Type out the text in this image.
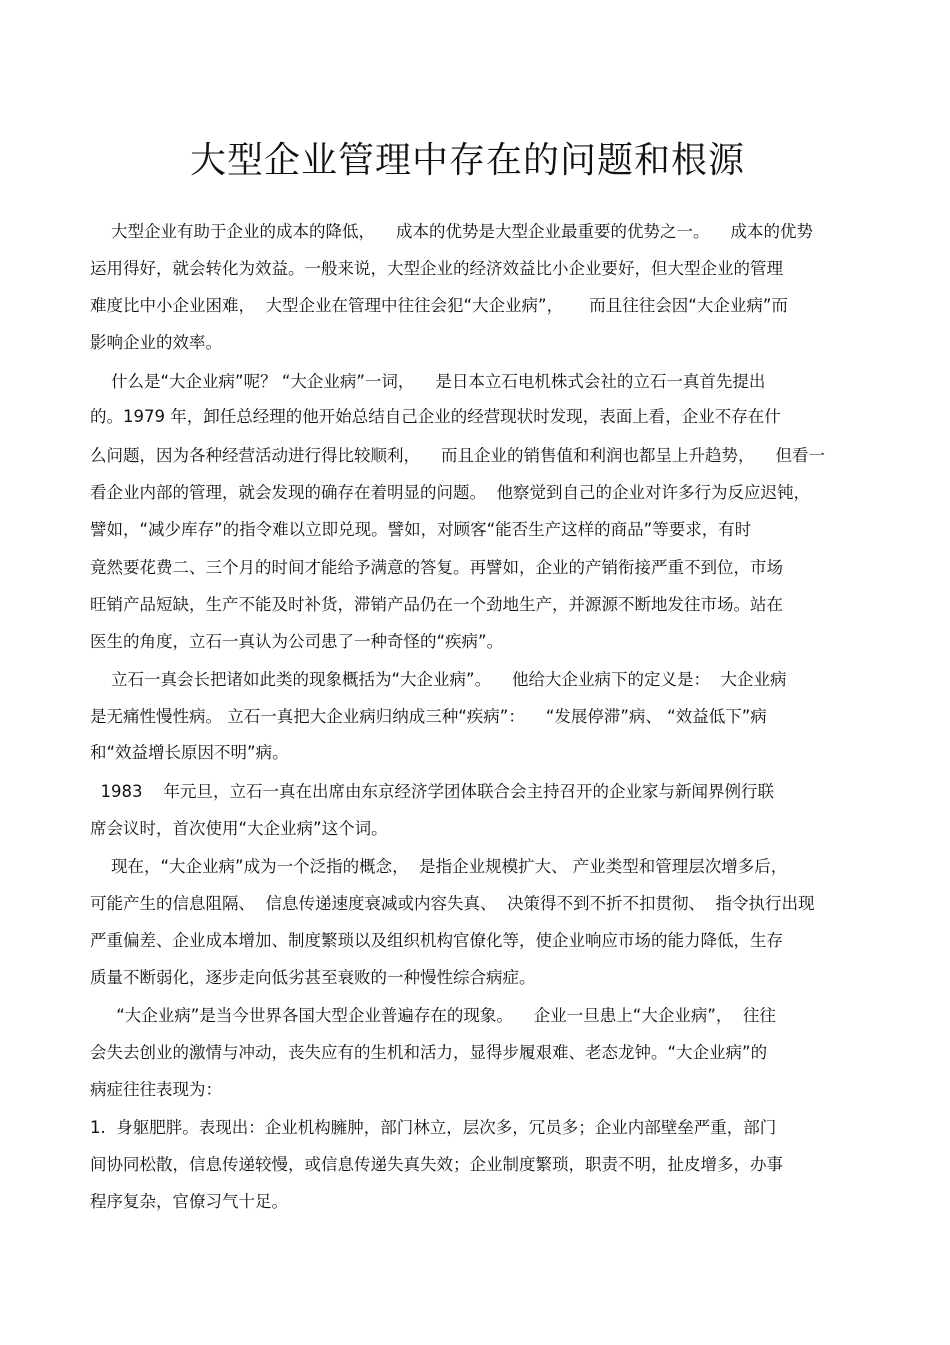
大型企业管理中存在的问题和根源

大型企业有助于企业的成本的降低，    成本的优势是大型企业最重要的优势之一。    成本的优势

运用得好，就会转化为效益。一般来说，大型企业的经济效益比小企业要好，但大型企业的管理

难度比中小企业困难，  大型企业在管理中往往会犯“大企业病”，     而且往往会因“大企业病”而

影响企业的效率。

什么是“大企业病”呢？ “大企业病”一词，    是日本立石电机株式会社的立石一真首先提出

的。1979 年，卸任总经理的他开始总结自己企业的经营现状时发现，表面上看，企业不存在什

么问题，因为各种经营活动进行得比较顺利，    而且企业的销售值和利润也都呈上升趋势，    但看一

看企业内部的管理，就会发现的确存在着明显的问题。  他察觉到自己的企业对许多行为反应迟钝，

譬如，“减少库存”的指令难以立即兑现。譬如，对顾客“能否生产这样的商品”等要求，有时

竟然要花费二、三个月的时间才能给予满意的答复。再譬如，企业的产销衔接严重不到位，市场

旺销产品短缺，生产不能及时补货，滞销产品仍在一个劲地生产，并源源不断地发往市场。站在

医生的角度，立石一真认为公司患了一种奇怪的“疾病”。

立石一真会长把诸如此类的现象概括为“大企业病”。    他给大企业病下的定义是：  大企业病

是无痛性慢性病。 立石一真把大企业病归纳成三种“疾病”：    “发展停滞”病、 “效益低下”病

和“效益增长原因不明”病。

1983    年元旦，立石一真在出席由东京经济学团体联合会主持召开的企业家与新闻界例行联

席会议时，首次使用“大企业病”这个词。

现在，“大企业病”成为一个泛指的概念，  是指企业规模扩大、 产业类型和管理层次增多后，

可能产生的信息阻隔、  信息传递速度衰减或内容失真、  决策得不到不折不扣贯彻、  指令执行出现

严重偏差、企业成本增加、制度繁琐以及组织机构官僚化等，使企业响应市场的能力降低，生存

质量不断弱化，逐步走向低劣甚至衰败的一种慢性综合病症。

“大企业病”是当今世界各国大型企业普遍存在的现象。    企业一旦患上“大企业病”，  往往

会失去创业的激情与冲动，丧失应有的生机和活力，显得步履艰难、老态龙钟。“大企业病”的

病症往往表现为：

1.  身躯肥胖。表现出：企业机构臃肿，部门林立，层次多，冗员多；企业内部壁垒严重，部门

间协同松散，信息传递较慢，或信息传递失真失效；企业制度繁琐，职责不明，扯皮增多，办事

程序复杂，官僚习气十足。
